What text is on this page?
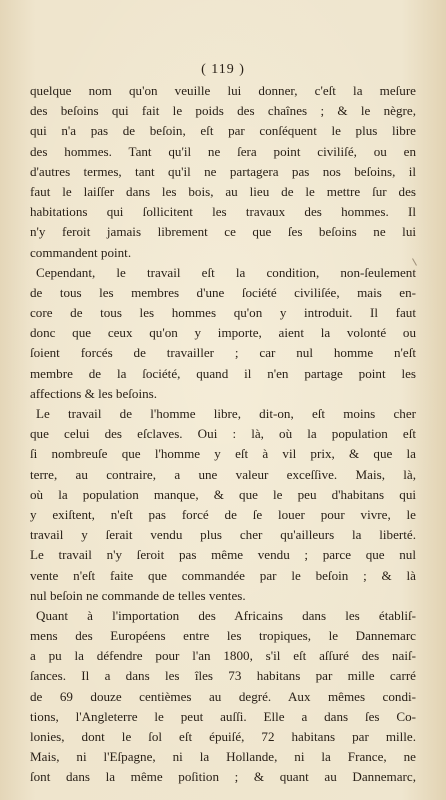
( 119 )
quelque nom qu'on veuille lui donner, c'eſt la meſure
des beſoins qui fait le poids des chaînes ; & le nègre,
qui n'a pas de beſoin, eſt par conſéquent le plus libre
des hommes. Tant qu'il ne ſera point civiliſé, ou en
d'autres termes, tant qu'il ne partagera pas nos beſoins, il
faut le laiſſer dans les bois, au lieu de le mettre ſur des
habitations qui ſollicitent les travaux des hommes. Il
n'y feroit jamais librement ce que ſes beſoins ne lui
commandent point.
Cependant, le travail eſt la condition, non-ſeulement
de tous les membres d'une ſociété civiliſée, mais en-
core de tous les hommes qu'on y introduit. Il faut
donc que ceux qu'on y importe, aient la volonté ou
ſoient forcés de travailler ; car nul homme n'eſt
membre de la ſociété, quand il n'en partage point les
affections & les beſoins.
Le travail de l'homme libre, dit-on, eſt moins cher
que celui des eſclaves. Oui : là, où la population eſt
ſi nombreuſe que l'homme y eſt à vil prix, & que la
terre, au contraire, a une valeur exceſſive. Mais, là,
où la population manque, & que le peu d'habitans qui
y exiſtent, n'eſt pas forcé de ſe louer pour vivre, le
travail y ſerait vendu plus cher qu'ailleurs la liberté.
Le travail n'y ſeroit pas même vendu ; parce que nul
vente n'eſt faite que commandée par le beſoin ; & là
nul beſoin ne commande de telles ventes.
Quant à l'importation des Africains dans les établiſ-
mens des Européens entre les tropiques, le Dannemarc
a pu la défendre pour l'an 1800, s'il eſt aſſuré des naiſ-
ſances. Il a dans les îles 73 habitans par mille carré
de 69 douze centièmes au degré. Aux mêmes condi-
tions, l'Angleterre le peut auſſi. Elle a dans ſes Co-
lonies, dont le ſol eſt épuiſé, 72 habitans par mille.
Mais, ni l'Eſpagne, ni la Hollande, ni la France, ne
ſont dans la même poſition ; & quant au Dannemarc,
